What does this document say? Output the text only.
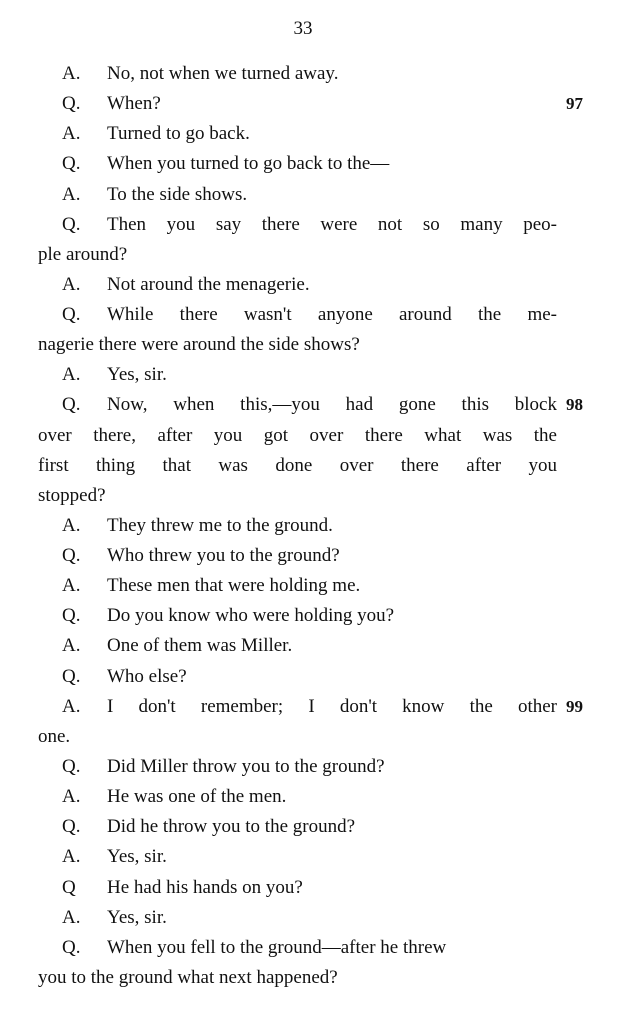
33
A. No, not when we turned away.
Q. When?	97
A. Turned to go back.
Q. When you turned to go back to the—
A. To the side shows.
Q. Then you say there were not so many peo-
ple around?
A. Not around the menagerie.
Q. While there wasn't anyone around the me-
nagerie there were around the side shows?
A. Yes, sir.
Q. Now, when this,—you had gone this block 98
over there, after you got over there what was the
first thing that was done over there after you
stopped?
A. They threw me to the ground.
Q. Who threw you to the ground?
A. These men that were holding me.
Q. Do you know who were holding you?
A. One of them was Miller.
Q. Who else?
A. I don't remember; I don't know the other 99
one.
Q. Did Miller throw you to the ground?
A. He was one of the men.
Q. Did he throw you to the ground?
A. Yes, sir.
Q He had his hands on you?
A. Yes, sir.
Q. When you fell to the ground—after he threw
you to the ground what next happened?
